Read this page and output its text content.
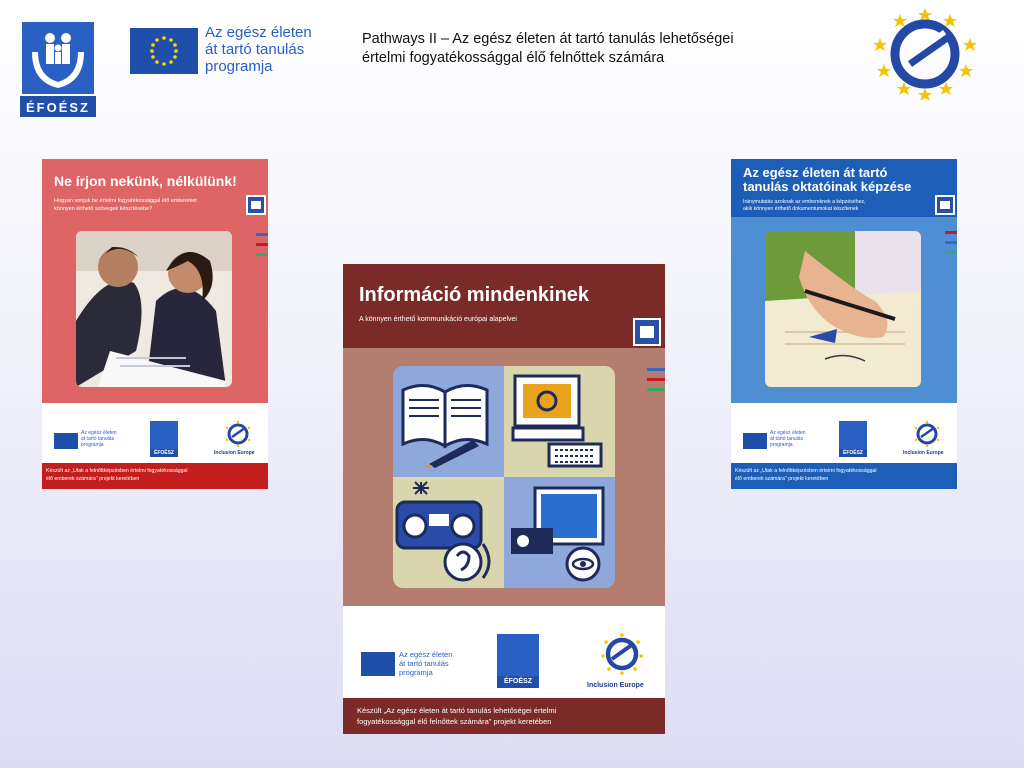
ÉFOÉSZ
Az egész életen
át tartó tanulás
programja
Pathways II – Az egész életen át tartó tanulás lehetőségei
értelmi fogyatékossággal élő felnőttek számára
Ne írjon nekünk, nélkülünk!
Hogyan vonjuk be értelmi fogyatékossággal élő embereket
könnyen érthető szövegek készítésébe?
Az egész életen
át tartó tanulás
programja
ÉFOÉSZ	Inclusion Europe
Készült az „Utak a felnőttképzésben értelmi fogyatékossággal
élő emberek számára" projekt keretében
Információ mindenkinek
A könnyen érthető kommunikáció európai alapelvei
Az egész életen
át tartó tanulás
programja
ÉFOÉSZ
Inclusion Europe
Készült „Az egész életen át tartó tanulás lehetőségei értelmi
fogyatékossággal élő felnőttek számára" projekt keretében
Az egész életen át tartó
tanulás oktatóinak képzése
Iránymutatás azoknak az embereknek a képzéséhez,
akik könnyen érthető dokumentumokat készítenek
Az egész életen
át tartó tanulás
programja
ÉFOÉSZ	Inclusion Europe
Készült az „Utak a felnőttképzésben értelmi fogyatékossággal
élő emberek számára" projekt keretében
